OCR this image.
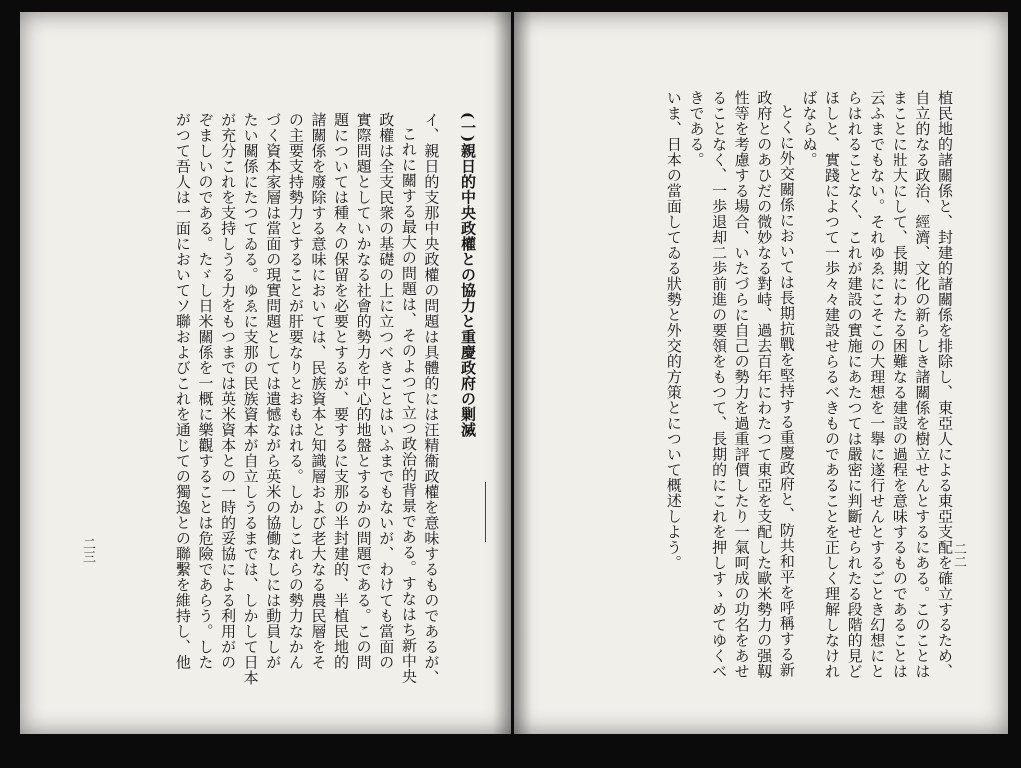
植民地的諸關係と、封建的諸關係を排除し、東亞人による東亞支配を確立するため、

自立的なる政治、經濟、文化の新らしき諸關係を樹立せんとするにある。このことは

まことに壯大にして、長期にわたる困難なる建設の過程を意味するものであることは

云ふまでもない。それゆゑにこそこの大理想を一擧に遂行せんとするごとき幻想にと

らはれることなく、これが建設の實施にあたつては嚴密に判斷せられたる段階的見ど

ほしと、實踐によつて一歩々々建設せらるべきものであることを正しく理解しなけれ

ばならぬ。

とくに外交關係においては長期抗戰を堅持する重慶政府と、防共和平を呼稱する新

政府とのあひだの微妙なる對峙、過去百年にわたつて東亞を支配した歐米勢力の强靱

性等を考慮する場合、いたづらに自己の勢力を過重評價したり一氣呵成の功名をあせ

ることなく、一歩退却二歩前進の要領をもつて、長期的にこれを押しすゝめてゆくべ

きである。

いま、日本の當面してゐる狀勢と外交的方策とについて概述しよう。	二二

(一)親日的中央政權との協力と重慶政府の剿滅

イ、親日的支那中央政權の問題は具體的には汪精衞政權を意味するものであるが、

これに關する最大の問題は、そのよつて立つ政治的背景である。すなはち新中央

政權は全支民衆の基礎の上に立つべきことはいふまでもないが、わけても當面の

實際問題としていかなる社會的勢力を中心的地盤とするかの問題である。この問

題については種々の保留を必要とするが、要するに支那の半封建的、半植民地的

諸關係を廢除する意味においては、民族資本と知識層および老大なる農民層をそ

の主要支持勢力とすることが肝要なりとおもはれる。しかしこれらの勢力なかん

づく資本家層は當面の現實問題としては遺憾ながら英米の協働なしには動員しが

たい關係にたつてゐる。ゆゑに支那の民族資本が自立しうるまでは、しかして日本

が充分これを支持しうる力をもつまでは英米資本との一時的妥協による利用がの

ぞましいのである。たゞし日米關係を一概に樂觀することは危險であらう。した

がつて吾人は一面においてソ聯およびこれを通じての獨逸との聯繫を維持し、他

二三
